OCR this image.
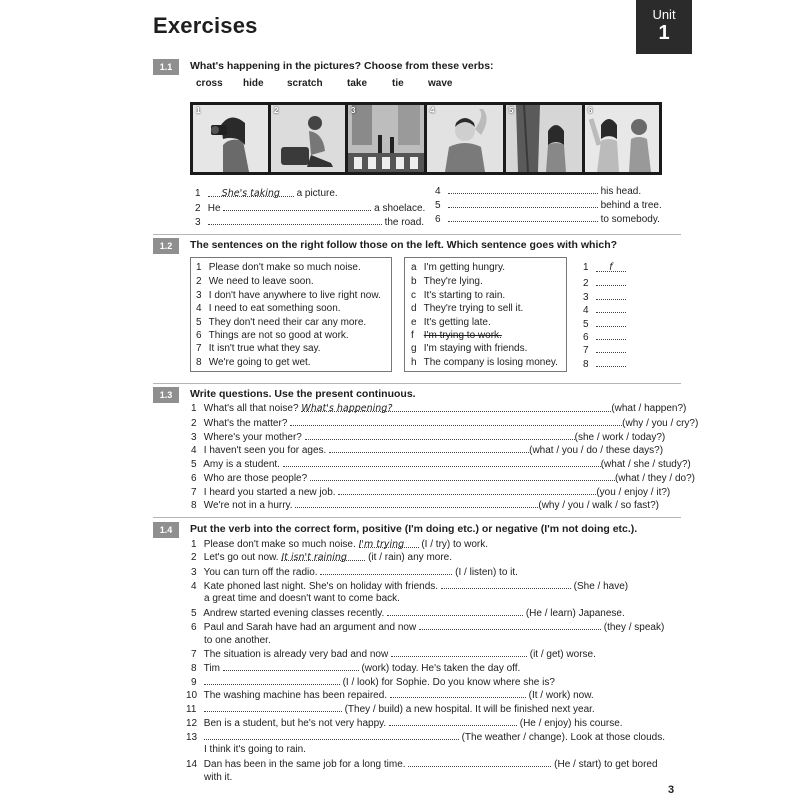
Exercises	Unit
1
1.1	What's happening in the pictures? Choose from these verbs:
cross hide scratch take tie wave
1	2	3	4	5	6
1 She's taking a picture.
2 He	a shoelace.
3	the road.
4	his head.
5	behind a tree.
6	to somebody.
1.2	The sentences on the right follow those on the left. Which sentence goes with which?
1 Please don't make so much noise.
2 We need to leave soon.
3 I don't have anywhere to live right now.
4 I need to eat something soon.
5 They don't need their car any more.
6 Things are not so good at work.
7 It isn't true what they say.
8 We're going to get wet.
a I'm getting hungry.
b They're lying.
c It's starting to rain.
d They're trying to sell it.
e It's getting late.
f I'm trying to work.
g I'm staying with friends.
h The company is losing money.
1 f
2
3
4
5
6
7
8
1.3	Write questions. Use the present continuous.
1 What's all that noise? What's happening?	(what / happen?)
2 What's the matter?	(why / you / cry?)
3 Where's your mother?	(she / work / today?)
4 I haven't seen you for ages.	(what / you / do / these days?)
5 Amy is a student.	(what / she / study?)
6 Who are those people?	(what / they / do?)
7 I heard you started a new job.	(you / enjoy / it?)
8 We're not in a hurry.	(why / you / walk / so fast?)
1.4	Put the verb into the correct form, positive (I'm doing etc.) or negative (I'm not doing etc.).
1 Please don't make so much noise. I'm trying (I / try) to work.
2 Let's go out now. It isn't raining (it / rain) any more.
3 You can turn off the radio.	(I / listen) to it.
4 Kate phoned last night. She's on holiday with friends.	(She / have)
a great time and doesn't want to come back.
5 Andrew started evening classes recently.	(He / learn) Japanese.
6 Paul and Sarah have had an argument and now	(they / speak)
to one another.
7 The situation is already very bad and now	(it / get) worse.
8 Tim	(work) today. He's taken the day off.
9	(I / look) for Sophie. Do you know where she is?
10 The washing machine has been repaired.	(It / work) now.
11	(They / build) a new hospital. It will be finished next year.
12 Ben is a student, but he's not very happy.	(He / enjoy) his course.
13	(The weather / change). Look at those clouds.
I think it's going to rain.
14 Dan has been in the same job for a long time.	(He / start) to get bored
with it.
3
